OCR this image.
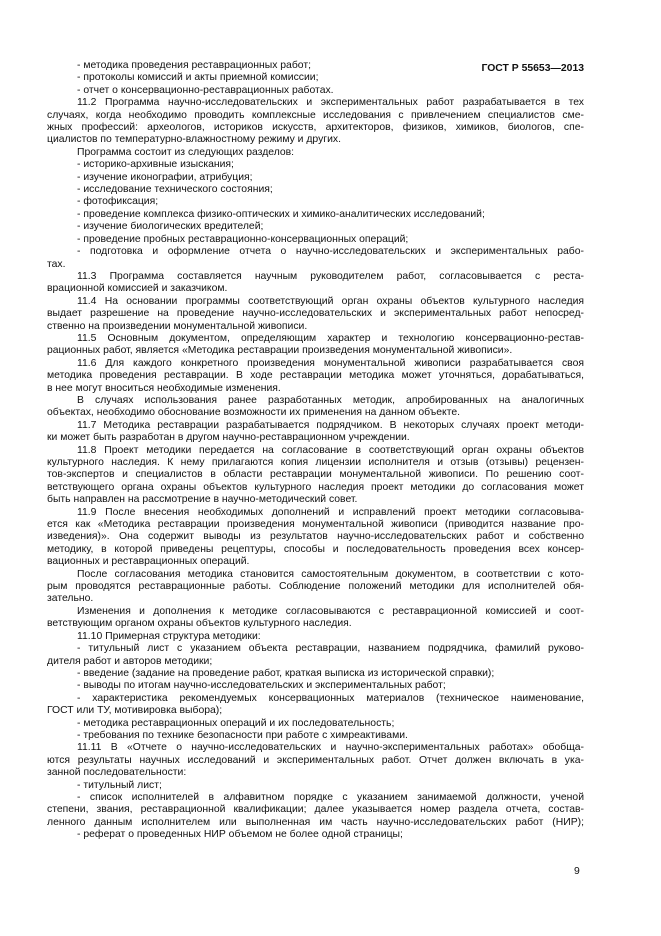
ГОСТ Р 55653—2013
- методика проведения реставрационных работ;
- протоколы комиссий и акты приемной комиссии;
- отчет о консервационно-реставрационных работах.
11.2 Программа научно-исследовательских и экспериментальных работ разрабатывается в тех
случаях, когда необходимо проводить комплексные исследования с привлечением специалистов сме-
жных профессий: археологов, историков искусств, архитекторов, физиков, химиков, биологов, спе-
циалистов по температурно-влажностному режиму и других.
Программа состоит из следующих разделов:
- историко-архивные изыскания;
- изучение иконографии, атрибуция;
- исследование технического состояния;
- фотофиксация;
- проведение комплекса физико-оптических и химико-аналитических исследований;
- изучение биологических вредителей;
- проведение пробных реставрационно-консервационных операций;
- подготовка и оформление отчета о научно-исследовательских и экспериментальных рабо-
тах.
11.3 Программа составляется научным руководителем работ, согласовывается с реста-
врационной комиссией и заказчиком.
11.4 На основании программы соответствующий орган охраны объектов культурного наследия
выдает разрешение на проведение научно-исследовательских и экспериментальных работ непосред-
ственно на произведении монументальной живописи.
11.5 Основным документом, определяющим характер и технологию консервационно-рестав-
рационных работ, является «Методика реставрации произведения монументальной живописи».
11.6 Для каждого конкретного произведения монументальной живописи разрабатывается своя
методика проведения реставрации. В ходе реставрации методика может уточняться, дорабатываться,
в нее могут вноситься необходимые изменения.
В случаях использования ранее разработанных методик, апробированных на аналогичных
объектах, необходимо обоснование возможности их применения на данном объекте.
11.7 Методика реставрации разрабатывается подрядчиком. В некоторых случаях проект методи-
ки может быть разработан в другом научно-реставрационном учреждении.
11.8 Проект методики передается на согласование в соответствующий орган охраны объектов
культурного наследия. К нему прилагаются копия лицензии исполнителя и отзыв (отзывы) рецензен-
тов-экспертов и специалистов в области реставрации монументальной живописи. По решению соот-
ветствующего органа охраны объектов культурного наследия проект методики до согласования может
быть направлен на рассмотрение в научно-методический совет.
11.9 После внесения необходимых дополнений и исправлений проект методики согласовыва-
ется как «Методика реставрации произведения монументальной живописи (приводится название про-
изведения)». Она содержит выводы из результатов научно-исследовательских работ и собственно
методику, в которой приведены рецептуры, способы и последовательность проведения всех консер-
вационных и реставрационных операций.
После согласования методика становится самостоятельным документом, в соответствии с кото-
рым проводятся реставрационные работы. Соблюдение положений методики для исполнителей обя-
зательно.
Изменения и дополнения к методике согласовываются с реставрационной комиссией и соот-
ветствующим органом охраны объектов культурного наследия.
11.10 Примерная структура методики:
- титульный лист с указанием объекта реставрации, названием подрядчика, фамилий руково-
дителя работ и авторов методики;
- введение (задание на проведение работ, краткая выписка из исторической справки);
- выводы по итогам научно-исследовательских и экспериментальных работ;
- характеристика рекомендуемых консервационных материалов (техническое наименование,
ГОСТ или ТУ, мотивировка выбора);
- методика реставрационных операций и их последовательность;
- требования по технике безопасности при работе с химреактивами.
11.11 В «Отчете о научно-исследовательских и научно-экспериментальных работах» обобща-
ются результаты научных исследований и экспериментальных работ. Отчет должен включать в ука-
занной последовательности:
- титульный лист;
- список исполнителей в алфавитном порядке с указанием занимаемой должности, ученой
степени, звания, реставрационной квалификации; далее указывается номер раздела отчета, состав-
ленного данным исполнителем или выполненная им часть научно-исследовательских работ (НИР);
- реферат о проведенных НИР объемом не более одной страницы;
9
